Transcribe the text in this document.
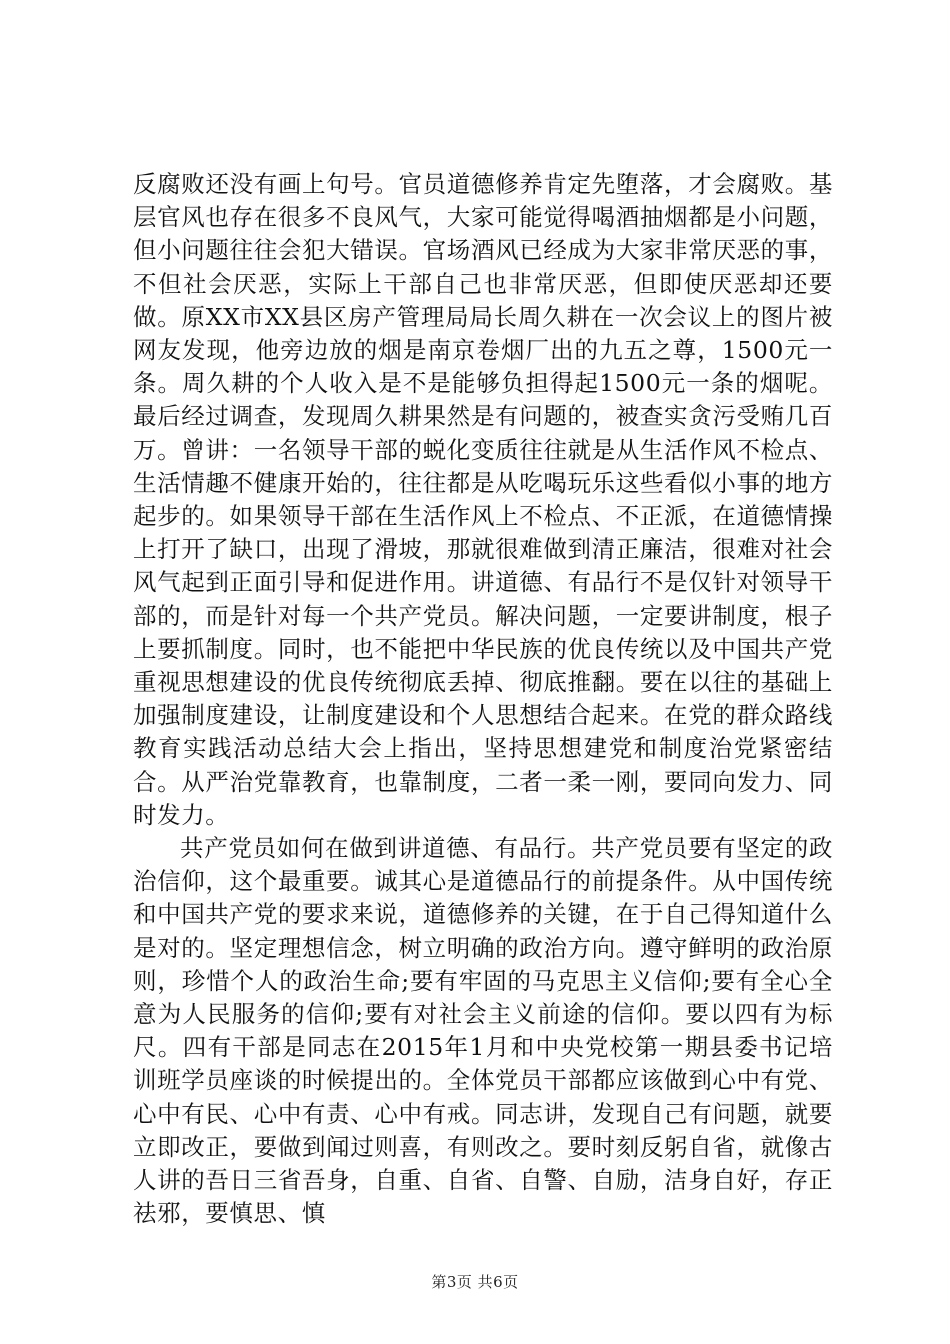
反腐败还没有画上句号。官员道德修养肯定先堕落，才会腐败。基层官风也存在很多不良风气，大家可能觉得喝酒抽烟都是小问题，但小问题往往会犯大错误。官场酒风已经成为大家非常厌恶的事，不但社会厌恶，实际上干部自己也非常厌恶，但即使厌恶却还要做。原XX市XX县区房产管理局局长周久耕在一次会议上的图片被网友发现，他旁边放的烟是南京卷烟厂出的九五之尊，1500元一条。周久耕的个人收入是不是能够负担得起1500元一条的烟呢。最后经过调查，发现周久耕果然是有问题的，被查实贪污受贿几百万。曾讲：一名领导干部的蜕化变质往往就是从生活作风不检点、生活情趣不健康开始的，往往都是从吃喝玩乐这些看似小事的地方起步的。如果领导干部在生活作风上不检点、不正派，在道德情操上打开了缺口，出现了滑坡，那就很难做到清正廉洁，很难对社会风气起到正面引导和促进作用。讲道德、有品行不是仅针对领导干部的，而是针对每一个共产党员。解决问题，一定要讲制度，根子上要抓制度。同时，也不能把中华民族的优良传统以及中国共产党重视思想建设的优良传统彻底丢掉、彻底推翻。要在以往的基础上加强制度建设，让制度建设和个人思想结合起来。在党的群众路线教育实践活动总结大会上指出，坚持思想建党和制度治党紧密结合。从严治党靠教育，也靠制度，二者一柔一刚，要同向发力、同时发力。

共产党员如何在做到讲道德、有品行。共产党员要有坚定的政治信仰，这个最重要。诚其心是道德品行的前提条件。从中国传统和中国共产党的要求来说，道德修养的关键，在于自己得知道什么是对的。坚定理想信念，树立明确的政治方向。遵守鲜明的政治原则，珍惜个人的政治生命;要有牢固的马克思主义信仰;要有全心全意为人民服务的信仰;要有对社会主义前途的信仰。要以四有为标尺。四有干部是同志在2015年1月和中央党校第一期县委书记培训班学员座谈的时候提出的。全体党员干部都应该做到心中有党、心中有民、心中有责、心中有戒。同志讲，发现自己有问题，就要立即改正，要做到闻过则喜，有则改之。要时刻反躬自省，就像古人讲的吾日三省吾身，自重、自省、自警、自励，洁身自好，存正祛邪，要慎思、慎

第3页 共6页
